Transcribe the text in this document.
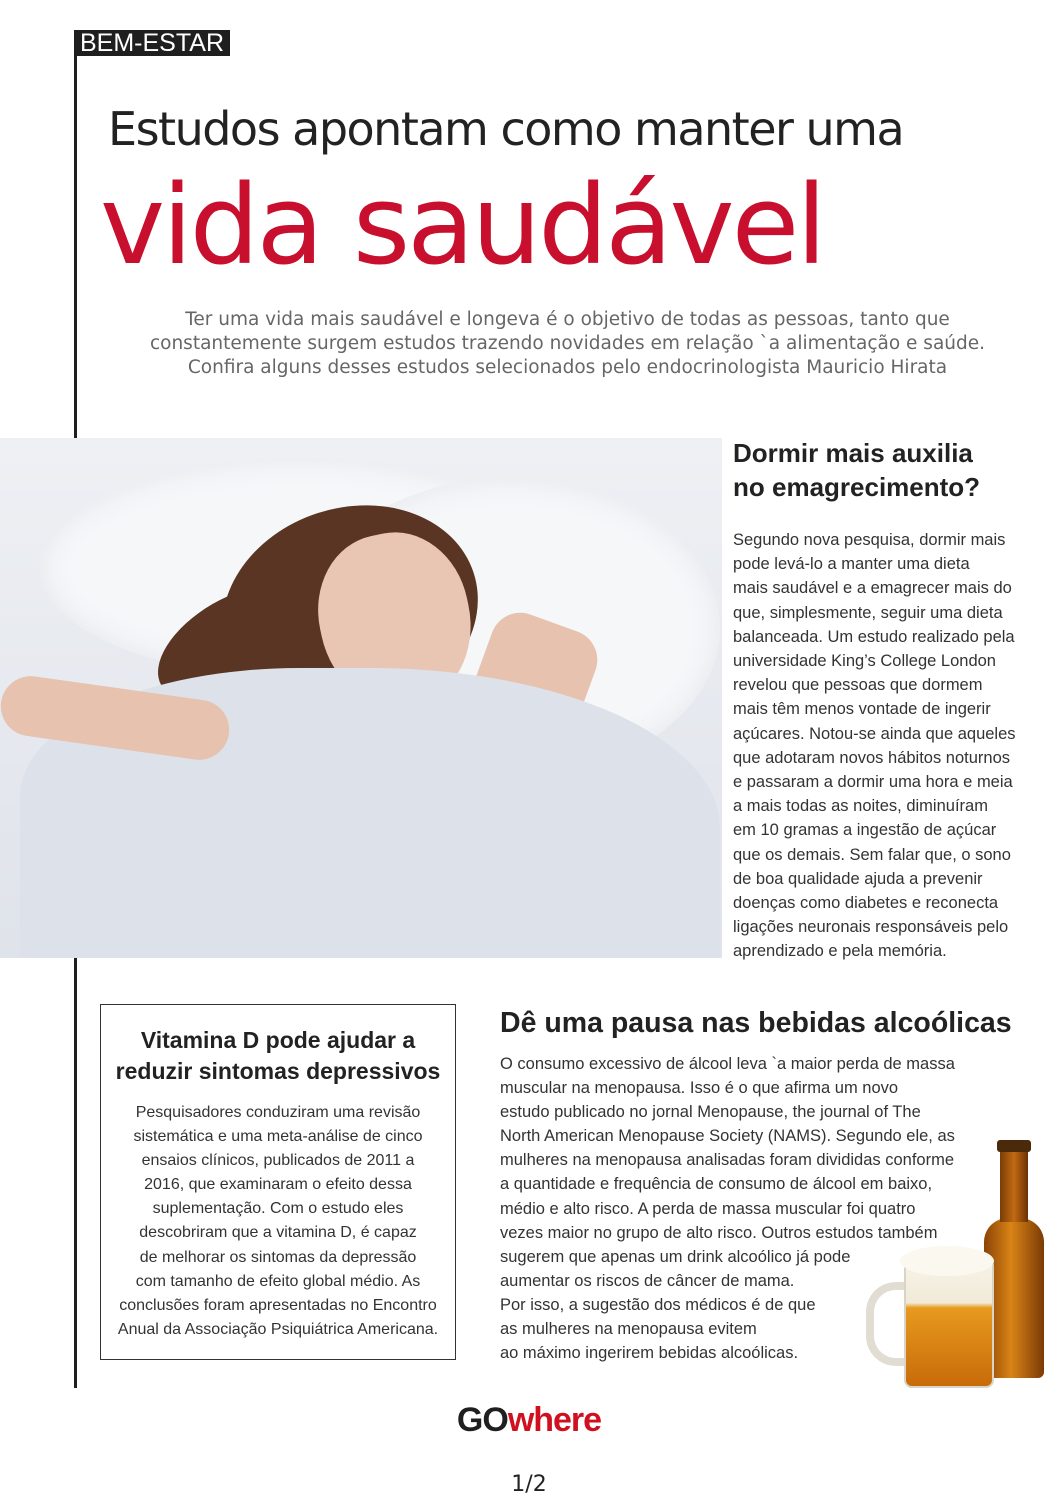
BEM-ESTAR
Estudos apontam como manter uma
vida saudável
Ter uma vida mais saudável e longeva é o objetivo de todas as pessoas, tanto que
constantemente surgem estudos trazendo novidades em relação `a alimentação e saúde.
Confira alguns desses estudos selecionados pelo endocrinologista Mauricio Hirata
Dormir mais auxilia
no emagrecimento?
Segundo nova pesquisa, dormir mais
pode levá-lo a manter uma dieta
mais saudável e a emagrecer mais do
que, simplesmente, seguir uma dieta
balanceada. Um estudo realizado pela
universidade King’s College London
revelou que pessoas que dormem
mais têm menos vontade de ingerir
açúcares. Notou-se ainda que aqueles
que adotaram novos hábitos noturnos
e passaram a dormir uma hora e meia
a mais todas as noites, diminuíram
em 10 gramas a ingestão de açúcar
que os demais. Sem falar que, o sono
de boa qualidade ajuda a prevenir
doenças como diabetes e reconecta
ligações neuronais responsáveis pelo
aprendizado e pela memória.
Vitamina D pode ajudar a
reduzir sintomas depressivos
Pesquisadores conduziram uma revisão
sistemática e uma meta-análise de cinco
ensaios clínicos, publicados de 2011 a
2016, que examinaram o efeito dessa
suplementação. Com o estudo eles
descobriram que a vitamina D, é capaz
de melhorar os sintomas da depressão
com tamanho de efeito global médio. As
conclusões foram apresentadas no Encontro
Anual da Associação Psiquiátrica Americana.
Dê uma pausa nas bebidas alcoólicas
O consumo excessivo de álcool leva `a maior perda de massa
muscular na menopausa. Isso é o que afirma um novo
estudo publicado no jornal Menopause, the journal of The
North American Menopause Society (NAMS). Segundo ele, as
mulheres na menopausa analisadas foram divididas conforme
a quantidade e frequência de consumo de álcool em baixo,
médio e alto risco. A perda de massa muscular foi quatro
vezes maior no grupo de alto risco. Outros estudos também
sugerem que apenas um drink alcoólico já pode
aumentar os riscos de câncer de mama.
Por isso, a sugestão dos médicos é de que
as mulheres na menopausa evitem
ao máximo ingerirem bebidas alcoólicas.
GOwhere
1/2
